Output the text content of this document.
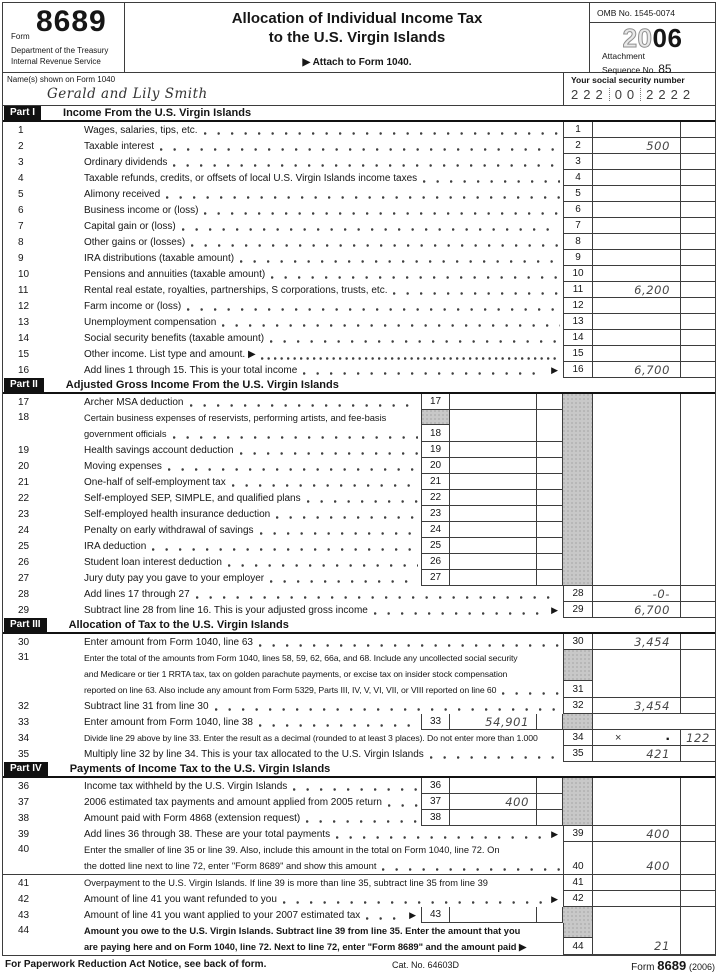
Form 8689
Department of the Treasury
Internal Revenue Service
Allocation of Individual Income Tax
to the U.S. Virgin Islands
▶ Attach to Form 1040.
OMB No. 1545-0074
2006
Attachment
Sequence No. 85
Name(s) shown on Form 1040
Gerald and Lily Smith
Your social security number
222 00 2222
Part I	Income From the U.S. Virgin Islands
1	Wages, salaries, tips, etc.	1
2	Taxable interest	2	500
3	Ordinary dividends	3
4	Taxable refunds, credits, or offsets of local U.S. Virgin Islands income taxes	4
5	Alimony received	5
6	Business income or (loss)	6
7	Capital gain or (loss)	7
8	Other gains or (losses)	8
9	IRA distributions (taxable amount)	9
10	Pensions and annuities (taxable amount)	10
11	Rental real estate, royalties, partnerships, S corporations, trusts, etc.	11	6,200
12	Farm income or (loss)	12
13	Unemployment compensation	13
14	Social security benefits (taxable amount)	14
15	Other income. List type and amount. ▶	15
16	Add lines 1 through 15. This is your total income	▶	16	6,700
Part II	Adjusted Gross Income From the U.S. Virgin Islands
17	Archer MSA deduction	17
18	Certain business expenses of reservists, performing artists, and fee-basis
government officials	18
19	Health savings account deduction	19
20	Moving expenses	20
21	One-half of self-employment tax	21
22	Self-employed SEP, SIMPLE, and qualified plans	22
23	Self-employed health insurance deduction	23
24	Penalty on early withdrawal of savings	24
25	IRA deduction	25
26	Student loan interest deduction	26
27	Jury duty pay you gave to your employer	27
28	Add lines 17 through 27	28	-0-
29	Subtract line 28 from line 16. This is your adjusted gross income	▶	29	6,700
Part III	Allocation of Tax to the U.S. Virgin Islands
30	Enter amount from Form 1040, line 63	30	3,454
31	Enter the total of the amounts from Form 1040, lines 58, 59, 62, 66a, and 68. Include any uncollected social security
and Medicare or tier 1 RRTA tax, tax on golden parachute payments, or excise tax on insider stock compensation
reported on line 63. Also include any amount from Form 5329, Parts III, IV, V, VI, VII, or VIII reported on line 60	31
32	Subtract line 31 from line 30	32	3,454
33	Enter amount from Form 1040, line 38	33	54,901
34	Divide line 29 above by line 33. Enter the result as a decimal (rounded to at least 3 places). Do not enter more than 1.000	34	×	.	122
35	Multiply line 32 by line 34. This is your tax allocated to the U.S. Virgin Islands	35	421
Part IV	Payments of Income Tax to the U.S. Virgin Islands
36	Income tax withheld by the U.S. Virgin Islands	36
37	2006 estimated tax payments and amount applied from 2005 return	37	400
38	Amount paid with Form 4868 (extension request)	38
39	Add lines 36 through 38. These are your total payments	▶	39	400
40	Enter the smaller of line 35 or line 39. Also, include this amount in the total on Form 1040, line 72. On
the dotted line next to line 72, enter "Form 8689" and show this amount	40	400
41	Overpayment to the U.S. Virgin Islands. If line 39 is more than line 35, subtract line 35 from line 39	41
42	Amount of line 41 you want refunded to you	▶	42
43	Amount of line 41 you want applied to your 2007 estimated tax	▶	43
44	Amount you owe to the U.S. Virgin Islands. Subtract line 39 from line 35. Enter the amount that you
are paying here and on Form 1040, line 72. Next to line 72, enter "Form 8689" and the amount paid ▶	44	21
For Paperwork Reduction Act Notice, see back of form.	Cat. No. 64603D	Form 8689 (2006)
